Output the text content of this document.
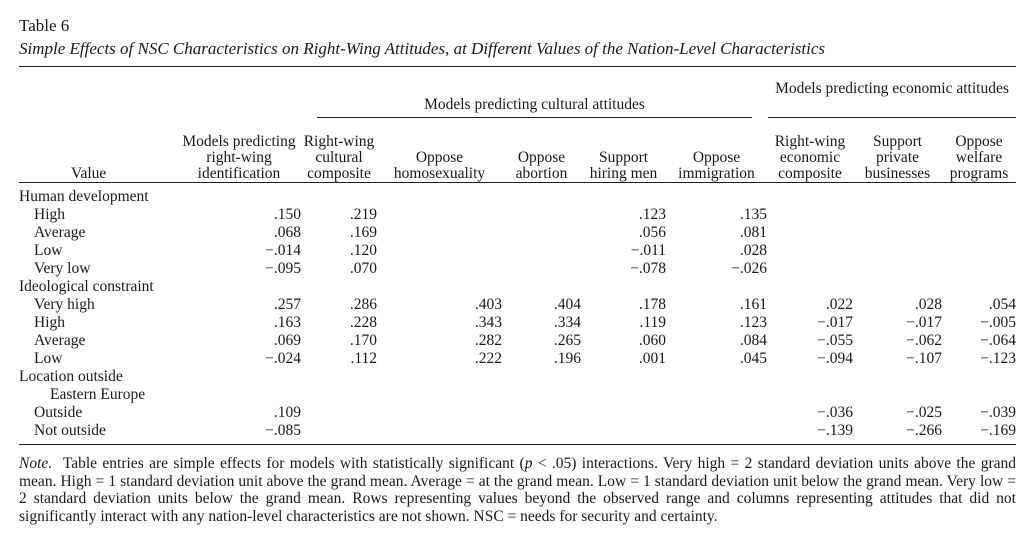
Table 6
Simple Effects of NSC Characteristics on Right-Wing Attitudes, at Different Values of the Nation-Level Characteristics
Models predicting cultural attitudes
Models predicting economic attitudes
Value	Models predicting right-wing identification	Right-wing cultural composite	Oppose homosexuality	Oppose abortion	Support hiring men	Oppose immigration	Right-wing economic composite	Support private businesses	Oppose welfare programs
Human development									
High	.150	.219			.123	.135			
Average	.068	.169			.056	.081			
Low	−.014	.120			−.011	.028			
Very low	−.095	.070			−.078	−.026			
Ideological constraint									
Very high	.257	.286	.403	.404	.178	.161	.022	.028	.054
High	.163	.228	.343	.334	.119	.123	−.017	−.017	−.005
Average	.069	.170	.282	.265	.060	.084	−.055	−.062	−.064
Low	−.024	.112	.222	.196	.001	.045	−.094	−.107	−.123
Location outside									
Eastern Europe									
Outside	.109						−.036	−.025	−.039
Not outside	−.085						−.139	−.266	−.169
Note. Table entries are simple effects for models with statistically significant (p < .05) interactions. Very high = 2 standard deviation units above the grand mean. High = 1 standard deviation unit above the grand mean. Average = at the grand mean. Low = 1 standard deviation unit below the grand mean. Very low = 2 standard deviation units below the grand mean. Rows representing values beyond the observed range and columns representing attitudes that did not significantly interact with any nation-level characteristics are not shown. NSC = needs for security and certainty.
